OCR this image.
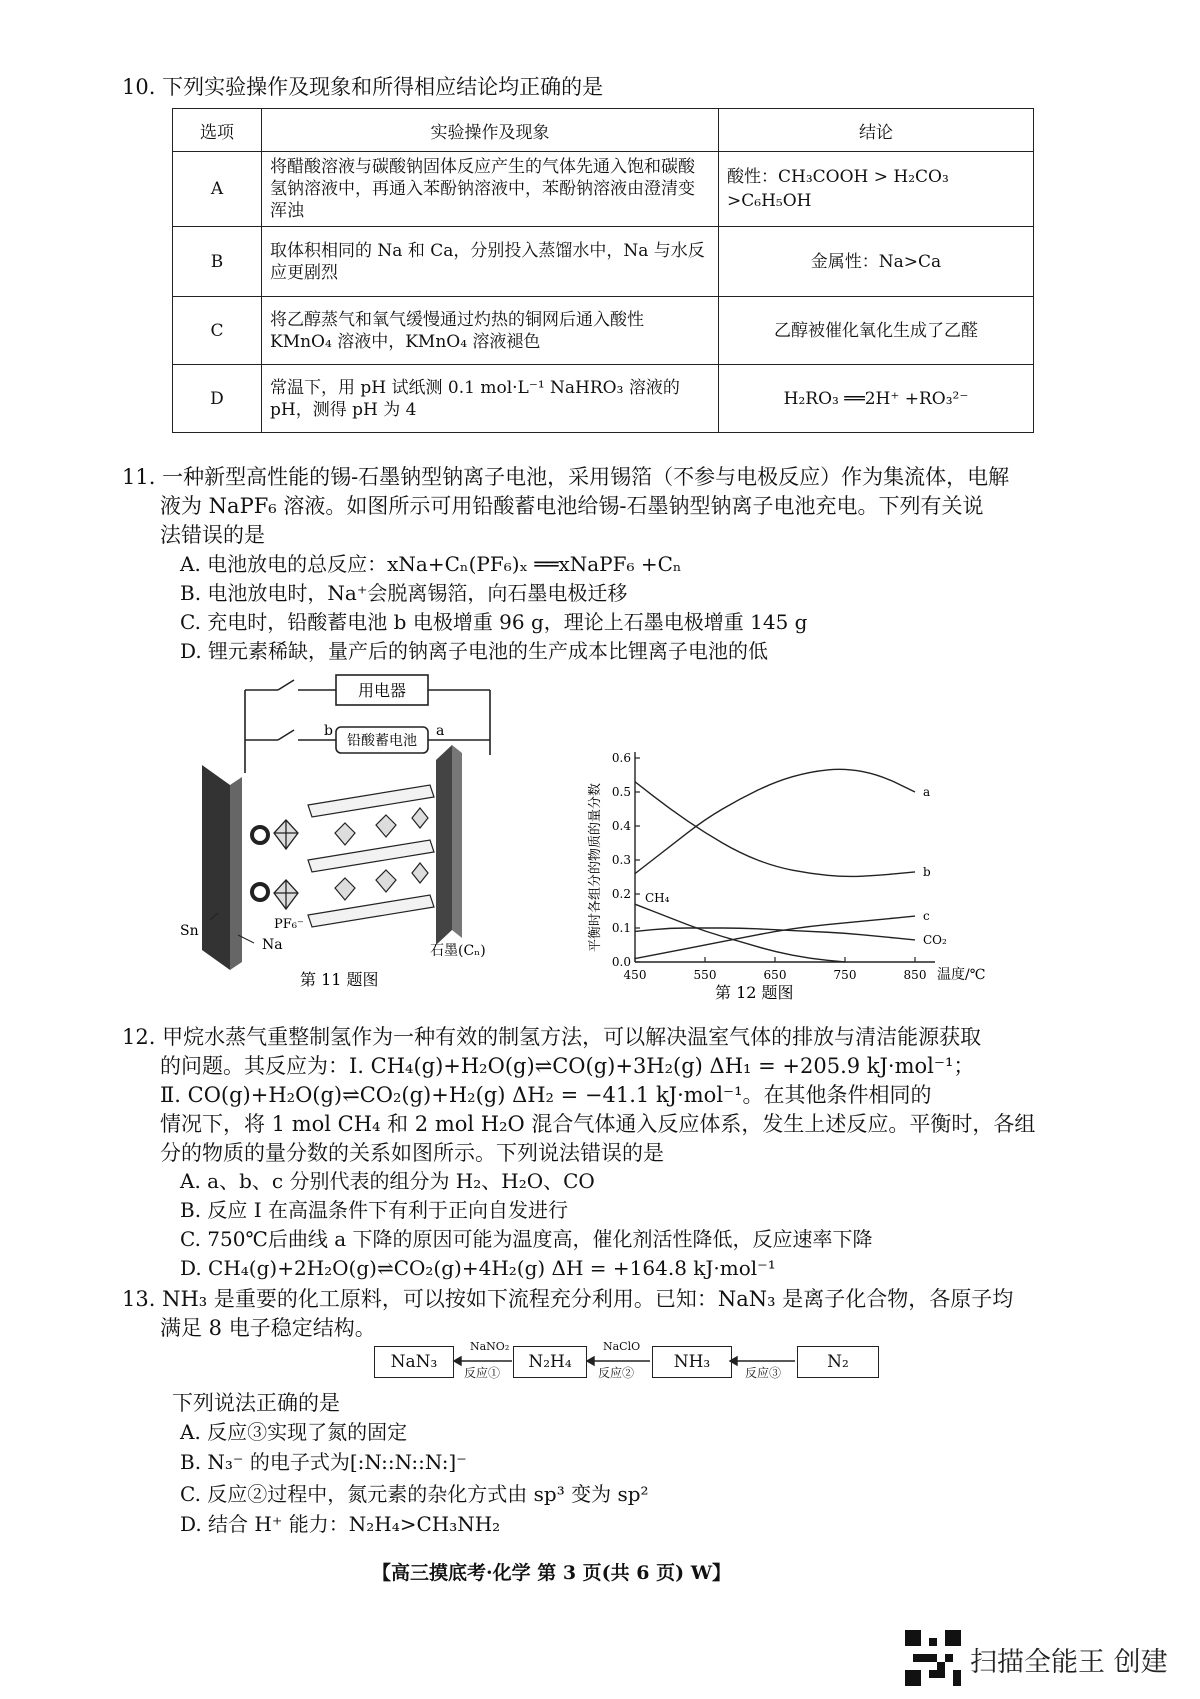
10. 下列实验操作及现象和所得相应结论均正确的是
选项	实验操作及现象	结论
A	将醋酸溶液与碳酸钠固体反应产生的气体先通入饱和碳酸氢钠溶液中，再通入苯酚钠溶液中，苯酚钠溶液由澄清变浑浊	酸性：CH₃COOH > H₂CO₃ >C₆H₅OH
B	取体积相同的 Na 和 Ca，分别投入蒸馏水中，Na 与水反应更剧烈	金属性：Na>Ca
C	将乙醇蒸气和氧气缓慢通过灼热的铜网后通入酸性 KMnO₄ 溶液中，KMnO₄ 溶液褪色	乙醇被催化氧化生成了乙醛
D	常温下，用 pH 试纸测 0.1 mol·L⁻¹ NaHRO₃ 溶液的 pH，测得 pH 为 4	H₂RO₃ ══2H⁺ +RO₃²⁻
11. 一种新型高性能的锡-石墨钠型钠离子电池，采用锡箔（不参与电极反应）作为集流体，电解
液为 NaPF₆ 溶液。如图所示可用铅酸蓄电池给锡-石墨钠型钠离子电池充电。下列有关说
法错误的是
A. 电池放电的总反应：xNa+Cₙ(PF₆)ₓ ══xNaPF₆ +Cₙ
B. 电池放电时，Na⁺会脱离锡箔，向石墨电极迁移
C. 充电时，铅酸蓄电池 b 电极增重 96 g，理论上石墨电极增重 145 g
D. 锂元素稀缺，量产后的钠离子电池的生产成本比锂离子电池的低
用电器
铅酸蓄电池
b	a
PF₆⁻
Sn
Na	石墨(Cₙ)
第 11 题图
0.0
0.1
0.2
0.3
0.4
0.5
0.6
450	550	650	750	850
a
b
c
CO₂
CH₄
平衡时各组分的物质的量分数
温度/℃
第 12 题图
12. 甲烷水蒸气重整制氢作为一种有效的制氢方法，可以解决温室气体的排放与清洁能源获取
的问题。其反应为：Ⅰ. CH₄(g)+H₂O(g)⇌CO(g)+3H₂(g) ΔH₁ = +205.9 kJ·mol⁻¹；
Ⅱ. CO(g)+H₂O(g)⇌CO₂(g)+H₂(g) ΔH₂ = −41.1 kJ·mol⁻¹。在其他条件相同的
情况下，将 1 mol CH₄ 和 2 mol H₂O 混合气体通入反应体系，发生上述反应。平衡时，各组
分的物质的量分数的关系如图所示。下列说法错误的是
A. a、b、c 分别代表的组分为 H₂、H₂O、CO
B. 反应 Ⅰ 在高温条件下有利于正向自发进行
C. 750℃后曲线 a 下降的原因可能为温度高，催化剂活性降低，反应速率下降
D. CH₄(g)+2H₂O(g)⇌CO₂(g)+4H₂(g) ΔH = +164.8 kJ·mol⁻¹
13. NH₃ 是重要的化工原料，可以按如下流程充分利用。已知：NaN₃ 是离子化合物，各原子均
满足 8 电子稳定结构。
NaN₃	N₂H₄	NH₃	N₂
NaNO₂
反应①
NaClO
反应②	反应③
下列说法正确的是
A. 反应③实现了氮的固定
B. N₃⁻ 的电子式为[:N::N::N:]⁻
C. 反应②过程中，氮元素的杂化方式由 sp³ 变为 sp²
D. 结合 H⁺ 能力：N₂H₄>CH₃NH₂
【高三摸底考·化学 第 3 页(共 6 页) W】
扫描全能王 创建
